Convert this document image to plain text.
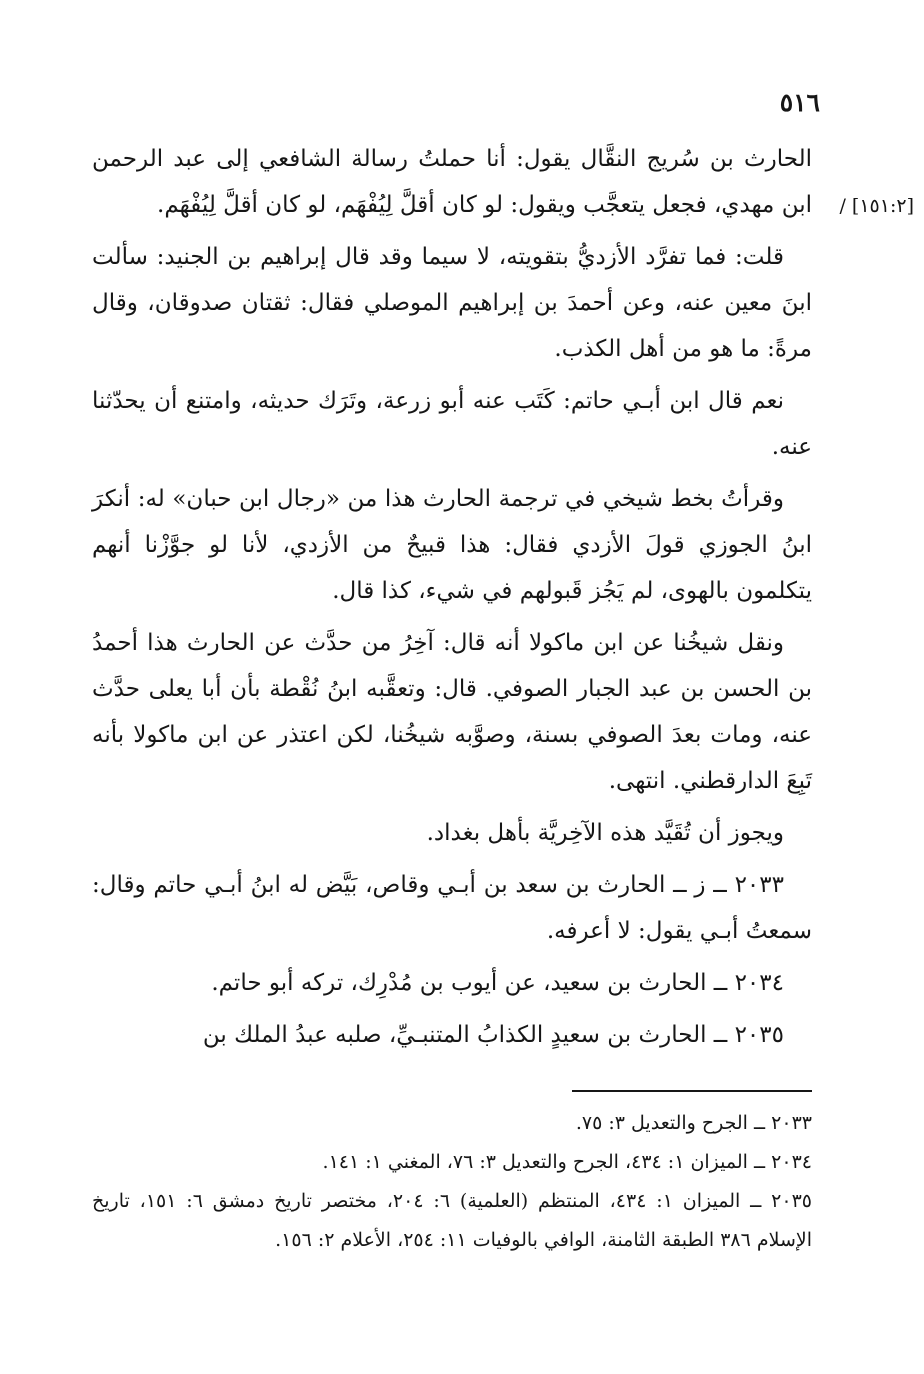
٥١٦
[١٥١:٢] /

الحارث بن سُريج النقَّال يقول: أنا حملتُ رسالة الشافعي إلى عبد الرحمن ابن مهدي، فجعل يتعجَّب ويقول: لو كان أقلَّ لِيُفْهَم، لو كان أقلَّ لِيُفْهَم.

قلت: فما تفرَّد الأزديُّ بتقويته، لا سيما وقد قال إبراهيم بن الجنيد: سألت ابنَ معين عنه، وعن أحمدَ بن إبراهيم الموصلي فقال: ثقتان صدوقان، وقال مرةً: ما هو من أهل الكذب.

نعم قال ابن أبـي حاتم: كَتَب عنه أبو زرعة، وتَرَك حديثه، وامتنع أن يحدّثنا عنه.

وقرأتُ بخط شيخي في ترجمة الحارث هذا من «رجال ابن حبان» له: أنكرَ ابنُ الجوزي قولَ الأزدي فقال: هذا قبيحٌ من الأزدي، لأنا لو جوَّزْنا أنهم يتكلمون بالهوى، لم يَجُز قَبولهم في شيء، كذا قال.

ونقل شيخُنا عن ابن ماكولا أنه قال: آخِرُ من حدَّث عن الحارث هذا أحمدُ بن الحسن بن عبد الجبار الصوفي. قال: وتعقَّبه ابنُ نُقْطة بأن أبا يعلى حدَّث عنه، ومات بعدَ الصوفي بسنة، وصوَّبه شيخُنا، لكن اعتذر عن ابن ماكولا بأنه تَبِعَ الدارقطني. انتهى.

ويجوز أن تُقَيَّد هذه الآخِريَّة بأهل بغداد.

٢٠٣٣ ــ ز ــ الحارث بن سعد بن أبـي وقاص، بَيَّض له ابنُ أبـي حاتم وقال: سمعتُ أبـي يقول: لا أعرفه.

٢٠٣٤ ــ الحارث بن سعيد، عن أيوب بن مُدْرِك، تركه أبو حاتم.

٢٠٣٥ ــ الحارث بن سعيدٍ الكذابُ المتنبـيِّ، صلبه عبدُ الملك بن

٢٠٣٣ ــ الجرح والتعديل ٣: ٧٥.

٢٠٣٤ ــ الميزان ١: ٤٣٤، الجرح والتعديل ٣: ٧٦، المغني ١: ١٤١.

٢٠٣٥ ــ الميزان ١: ٤٣٤، المنتظم (العلمية) ٦: ٢٠٤، مختصر تاريخ دمشق ٦: ١٥١، تاريخ الإسلام ٣٨٦ الطبقة الثامنة، الوافي بالوفيات ١١: ٢٥٤، الأعلام ٢: ١٥٦.
